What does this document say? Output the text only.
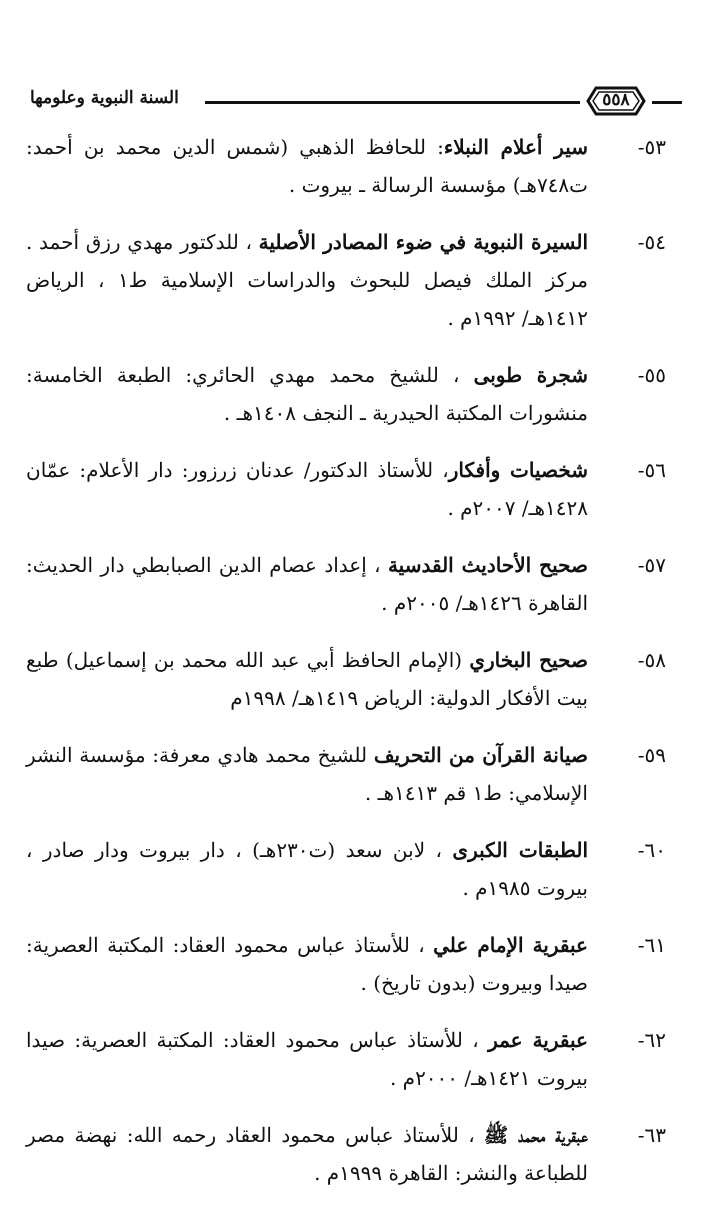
السنة النبوية وعلومها	٥٥٨
٥٣-
سير أعلام النبلاء: للحافظ الذهبي (شمس الدين محمد بن أحمد: ت٧٤٨هـ) مؤسسة الرسالة ـ بيروت .
٥٤-
السيرة النبوية في ضوء المصادر الأصلية ، للدكتور مهدي رزق أحمد . مركز الملك فيصل للبحوث والدراسات الإسلامية ط١ ، الرياض ١٤١٢هـ/ ١٩٩٢م .
٥٥-
شجرة طوبى ، للشيخ محمد مهدي الحائري: الطبعة الخامسة: منشورات المكتبة الحيدرية ـ النجف ١٤٠٨هـ .
٥٦-
شخصيات وأفكار، للأستاذ الدكتور/ عدنان زرزور: دار الأعلام: عمّان ١٤٢٨هـ/ ٢٠٠٧م .
٥٧-
صحيح الأحاديث القدسية ، إعداد عصام الدين الصبابطي دار الحديث: القاهرة ١٤٢٦هـ/ ٢٠٠٥م .
٥٨-
صحيح البخاري (الإمام الحافظ أبي عبد الله محمد بن إسماعيل) طبع بيت الأفكار الدولية: الرياض ١٤١٩هـ/ ١٩٩٨م
٥٩-
صيانة القرآن من التحريف للشيخ محمد هادي معرفة: مؤسسة النشر الإسلامي: ط١ قم ١٤١٣هـ .
٦٠-
الطبقات الكبرى ، لابن سعد (ت٢٣٠هـ) ، دار بيروت ودار صادر ، بيروت ١٩٨٥م .
٦١-
عبقرية الإمام علي ، للأستاذ عباس محمود العقاد: المكتبة العصرية: صيدا وبيروت (بدون تاريخ) .
٦٢-
عبقرية عمر ، للأستاذ عباس محمود العقاد: المكتبة العصرية: صيدا بيروت ١٤٢١هـ/ ٢٠٠٠م .
٦٣-
عبقرية محمد ﷺ ، للأستاذ عباس محمود العقاد رحمه الله: نهضة مصر للطباعة والنشر: القاهرة ١٩٩٩م .
